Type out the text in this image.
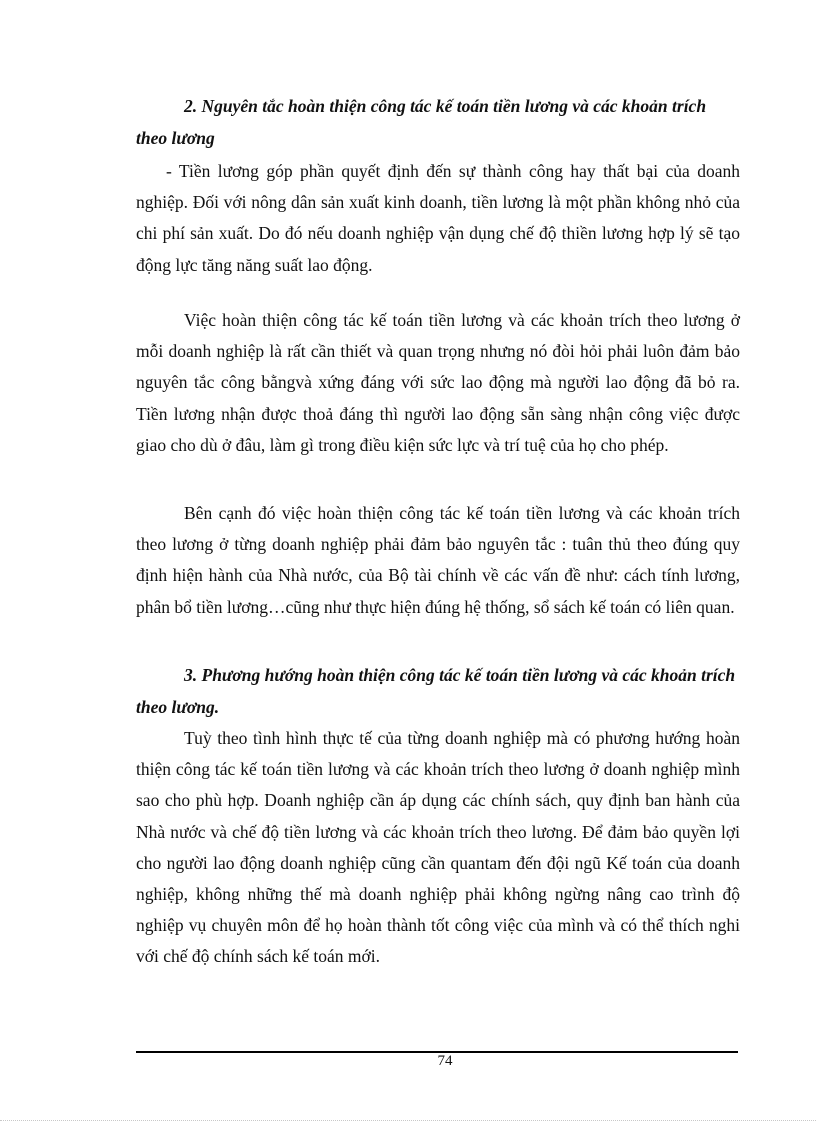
2. Nguyên tắc hoàn thiện công tác kế toán tiền lương và các khoản trích theo lương

- Tiền lương góp phần quyết định đến sự thành công hay thất bại của doanh nghiệp. Đối với nông dân sản xuất kinh doanh, tiền lương là một phần không nhỏ của chi phí sản xuất. Do đó nếu doanh nghiệp vận dụng chế độ thiền lương hợp lý sẽ tạo động lực tăng năng suất lao động.

Việc hoàn thiện công tác kế toán tiền lương và các khoản trích theo lương ở mỗi doanh nghiệp là rất cần thiết và quan trọng nhưng nó đòi hỏi phải luôn đảm bảo nguyên tắc công bằngvà xứng đáng với sức lao động mà người lao động đã bỏ ra. Tiền lương nhận được thoả đáng thì người lao động sẵn sàng nhận công việc được giao cho dù ở đâu, làm gì trong điều kiện sức lực và trí tuệ của họ cho phép.

Bên cạnh đó việc hoàn thiện công tác kế toán tiền lương và các khoản trích theo lương ở từng doanh nghiệp phải đảm bảo nguyên tắc : tuân thủ theo đúng quy định hiện hành của Nhà nước, của Bộ tài chính về các vấn đề như: cách tính lương, phân bổ tiền lương…cũng như thực hiện đúng hệ thống, sổ sách kế toán có liên quan.

3. Phương hướng hoàn thiện công tác kế toán tiền lương và các khoản trích theo lương.

Tuỳ theo tình hình thực tế của từng doanh nghiệp mà có phương hướng hoàn thiện công tác kế toán tiền lương và các khoản trích theo lương ở doanh nghiệp mình sao cho phù hợp. Doanh nghiệp cần áp dụng các chính sách, quy định ban hành của Nhà nước và chế độ tiền lương và các khoản trích theo lương. Để đảm bảo quyền lợi cho người lao động doanh nghiệp cũng cần quantam đến đội ngũ Kế toán của doanh nghiệp, không những thế mà doanh nghiệp phải không ngừng nâng cao trình độ nghiệp vụ chuyên môn để họ hoàn thành tốt công việc của mình và có thể thích nghi với chế độ chính sách kế toán mới.

74
